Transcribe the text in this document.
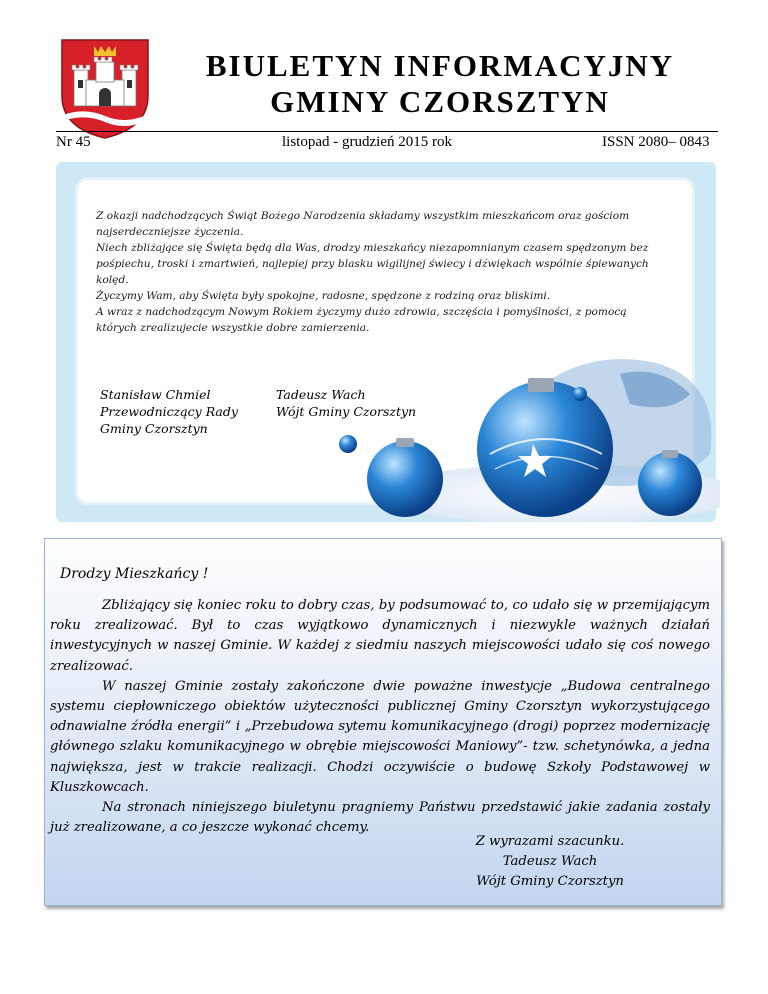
BIULETYN INFORMACYJNY
GMINY CZORSZTYN
Nr 45	listopad - grudzień 2015 rok	ISSN 2080– 0843

Z okazji nadchodzących Świąt Bożego Narodzenia składamy wszystkim mieszkańcom oraz gościom najserdeczniejsze życzenia.

Niech zbliżające się Święta będą dla Was, drodzy mieszkańcy niezapomnianym czasem spędzonym bez pośpiechu, troski i zmartwień, najlepiej przy blasku wigilijnej świecy i dźwiękach wspólnie śpiewanych kolęd.

Życzymy Wam, aby Święta były spokojne, radosne, spędzone z rodziną oraz bliskimi.

A wraz z nadchodzącym Nowym Rokiem życzymy dużo zdrowia, szczęścia i pomyślności, z pomocą których zrealizujecie wszystkie dobre zamierzenia.

Stanisław Chmiel
Przewodniczący Rady
Gminy Czorsztyn
Tadeusz Wach
Wójt Gminy Czorsztyn
Drodzy Mieszkańcy !

Zbliżający się koniec roku to dobry czas, by podsumować to, co udało się w przemijającym roku zrealizować. Był to czas wyjątkowo dynamicznych i niezwykle ważnych działań inwestycyjnych w naszej Gminie. W każdej z siedmiu naszych miejscowości udało się coś nowego zrealizować.

W naszej Gminie zostały zakończone dwie poważne inwestycje „Budowa centralnego systemu ciepłowniczego obiektów użyteczności publicznej Gminy Czorsztyn wykorzystującego odnawialne źródła energii” i „Przebudowa sytemu komunikacyjnego (drogi) poprzez modernizację głównego szlaku komunikacyjnego w obrębie miejscowości Maniowy”- tzw. schetynówka, a jedna największa, jest w trakcie realizacji. Chodzi oczywiście o budowę Szkoły Podstawowej w Kluszkowcach.

Na stronach niniejszego biuletynu pragniemy Państwu przedstawić jakie zadania zostały już zrealizowane, a co jeszcze wykonać chcemy.

Z wyrazami szacunku.
Tadeusz Wach
Wójt Gminy Czorsztyn
